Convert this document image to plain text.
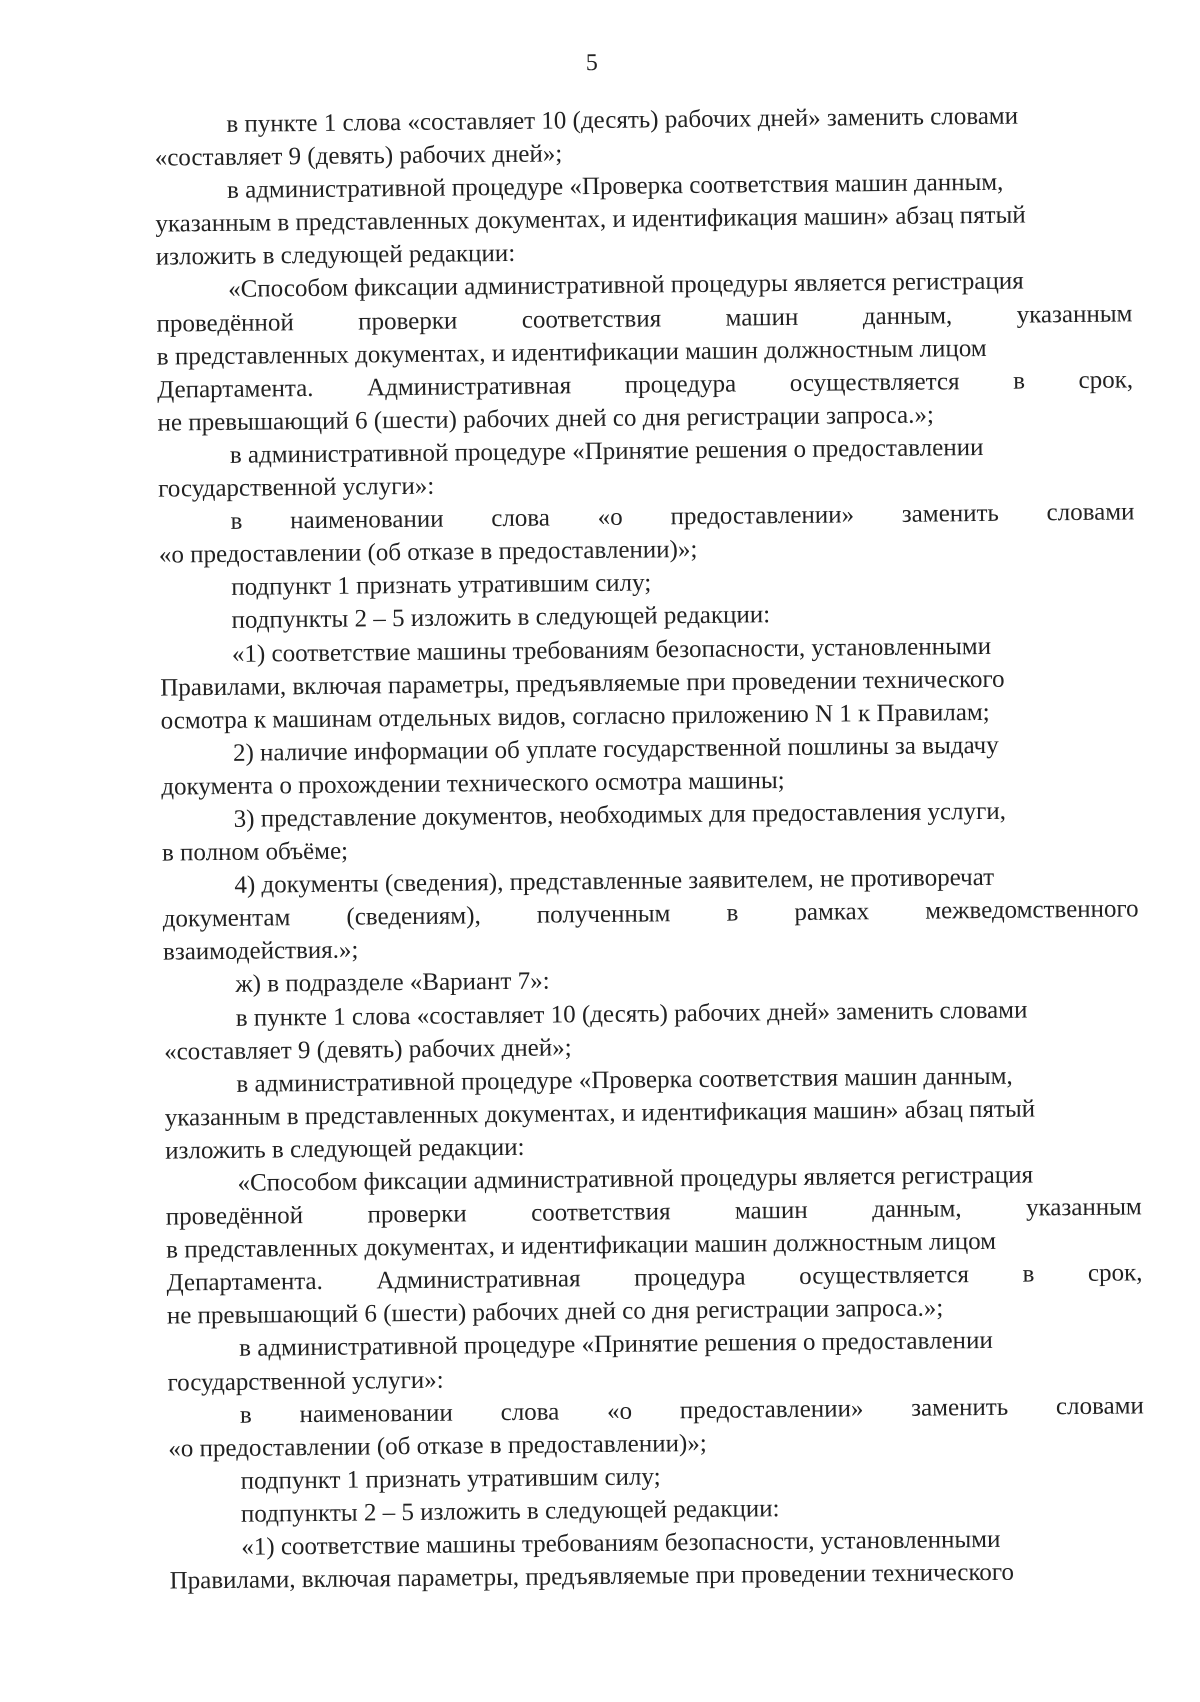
5
в пункте 1 слова «составляет 10 (десять) рабочих дней» заменить словами
«составляет 9 (девять) рабочих дней»;
в административной процедуре «Проверка соответствия машин данным,
указанным в представленных документах, и идентификация машин» абзац пятый
изложить в следующей редакции:
«Способом фиксации административной процедуры является регистрация
проведённой	проверки	соответствия	машин	данным,	указанным
в представленных документах, и идентификации машин должностным лицом
Департамента. Административная процедура осуществляется в срок,
не превышающий 6 (шести) рабочих дней со дня регистрации запроса.»;
в административной процедуре «Принятие решения о предоставлении
государственной услуги»:
в наименовании слова «о предоставлении» заменить словами
«о предоставлении (об отказе в предоставлении)»;
подпункт 1 признать утратившим силу;
подпункты 2 – 5 изложить в следующей редакции:
«1) соответствие машины требованиям безопасности, установленными
Правилами, включая параметры, предъявляемые при проведении технического
осмотра к машинам отдельных видов, согласно приложению N 1 к Правилам;
2) наличие информации об уплате государственной пошлины за выдачу
документа о прохождении технического осмотра машины;
3) представление документов, необходимых для предоставления услуги,
в полном объёме;
4) документы (сведения), представленные заявителем, не противоречат
документам (сведениям), полученным в рамках межведомственного
взаимодействия.»;
ж) в подразделе «Вариант 7»:
в пункте 1 слова «составляет 10 (десять) рабочих дней» заменить словами
«составляет 9 (девять) рабочих дней»;
в административной процедуре «Проверка соответствия машин данным,
указанным в представленных документах, и идентификация машин» абзац пятый
изложить в следующей редакции:
«Способом фиксации административной процедуры является регистрация
проведённой	проверки	соответствия	машин	данным,	указанным
в представленных документах, и идентификации машин должностным лицом
Департамента. Административная процедура осуществляется в срок,
не превышающий 6 (шести) рабочих дней со дня регистрации запроса.»;
в административной процедуре «Принятие решения о предоставлении
государственной услуги»:
в наименовании слова «о предоставлении» заменить словами
«о предоставлении (об отказе в предоставлении)»;
подпункт 1 признать утратившим силу;
подпункты 2 – 5 изложить в следующей редакции:
«1) соответствие машины требованиям безопасности, установленными
Правилами, включая параметры, предъявляемые при проведении технического
